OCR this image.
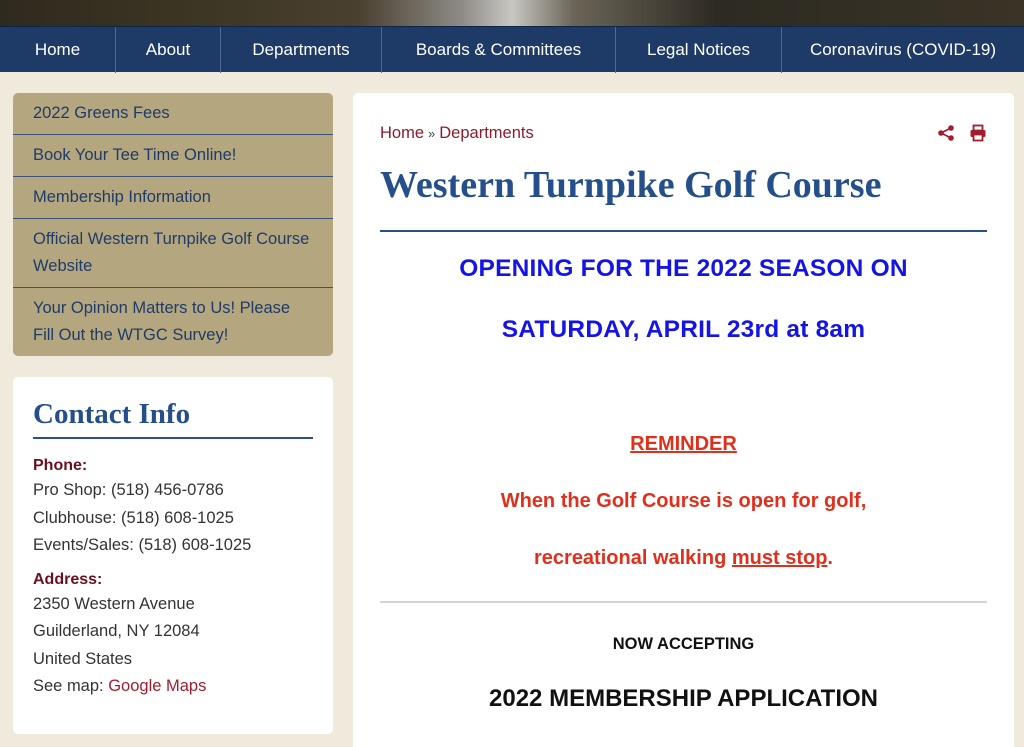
Home	About	Departments	Boards & Committees	Legal Notices	Coronavirus (COVID-19)
2022 Greens Fees
Book Your Tee Time Online!
Membership Information
Official Western Turnpike Golf Course Website
Your Opinion Matters to Us! Please Fill Out the WTGC Survey!
Contact Info
Phone:
Pro Shop: (518) 456-0786
Clubhouse: (518) 608-1025
Events/Sales: (518) 608-1025
Address:
2350 Western Avenue
Guilderland, NY 12084
United States
See map: Google Maps
Home » Departments
Western Turnpike Golf Course
OPENING FOR THE 2022 SEASON ON
SATURDAY, APRIL 23rd at 8am
REMINDER
When the Golf Course is open for golf,
recreational walking must stop.
NOW ACCEPTING
2022 MEMBERSHIP APPLICATION
